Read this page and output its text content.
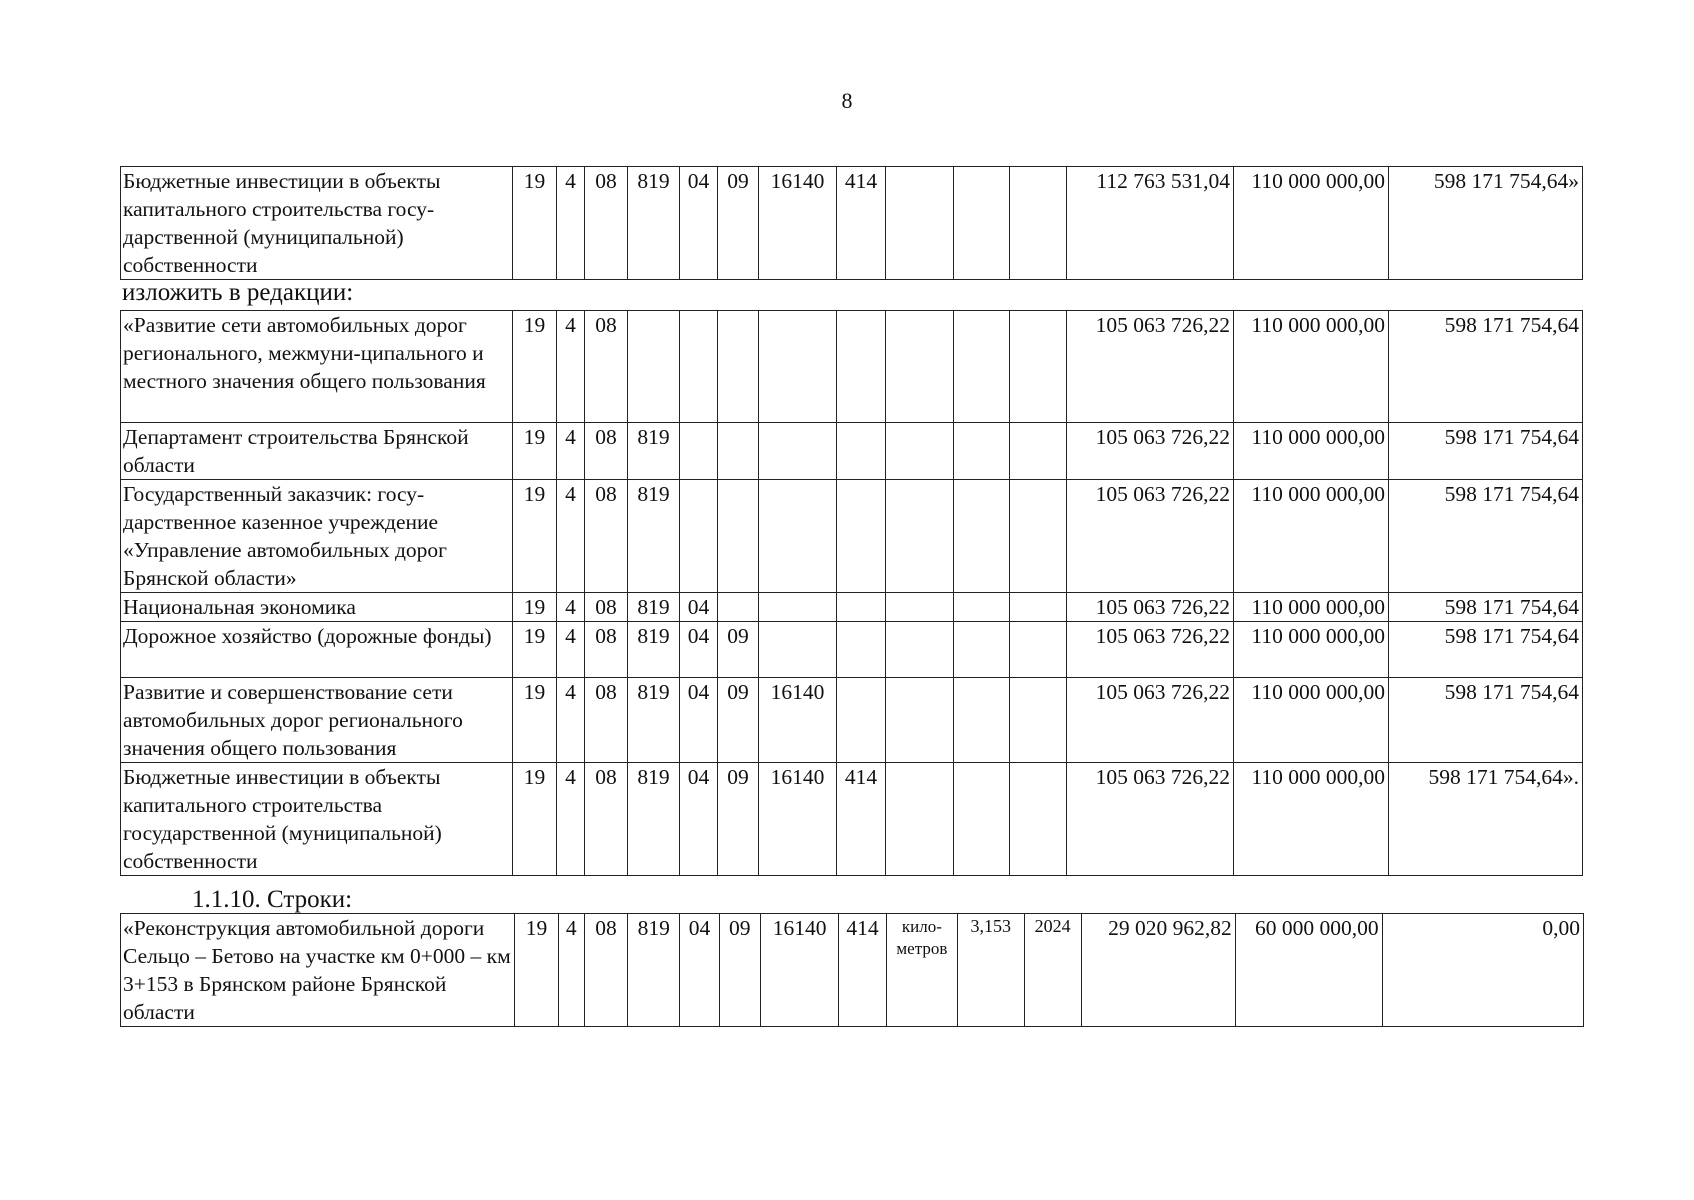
8
Бюджетные инвестиции в объекты капитального строительства госу-дарственной (муниципальной) собственности	19	4	08	819	04	09	16140	414				112 763 531,04	110 000 000,00	598 171 754,64»
изложить в редакции:
«Развитие сети автомобильных дорог регионального, межмуни-ципального и местного значения общего пользования	19	4	08									105 063 726,22	110 000 000,00	598 171 754,64
Департамент строительства Брянской области	19	4	08	819								105 063 726,22	110 000 000,00	598 171 754,64
Государственный заказчик: госу-дарственное казенное учреждение «Управление автомобильных дорог Брянской области»	19	4	08	819								105 063 726,22	110 000 000,00	598 171 754,64
Национальная экономика	19	4	08	819	04							105 063 726,22	110 000 000,00	598 171 754,64
Дорожное хозяйство (дорожные фонды)	19	4	08	819	04	09						105 063 726,22	110 000 000,00	598 171 754,64
Развитие и совершенствование сети автомобильных дорог регионального значения общего пользования	19	4	08	819	04	09	16140					105 063 726,22	110 000 000,00	598 171 754,64
Бюджетные инвестиции в объекты капитального строительства государственной (муниципальной) собственности	19	4	08	819	04	09	16140	414				105 063 726,22	110 000 000,00	598 171 754,64».
1.1.10. Строки:
«Реконструкция автомобильной дороги Сельцо – Бетово на участке км 0+000 – км 3+153 в Брянском районе Брянской области	19	4	08	819	04	09	16140	414	кило-метров	3,153	2024	29 020 962,82	60 000 000,00	0,00
